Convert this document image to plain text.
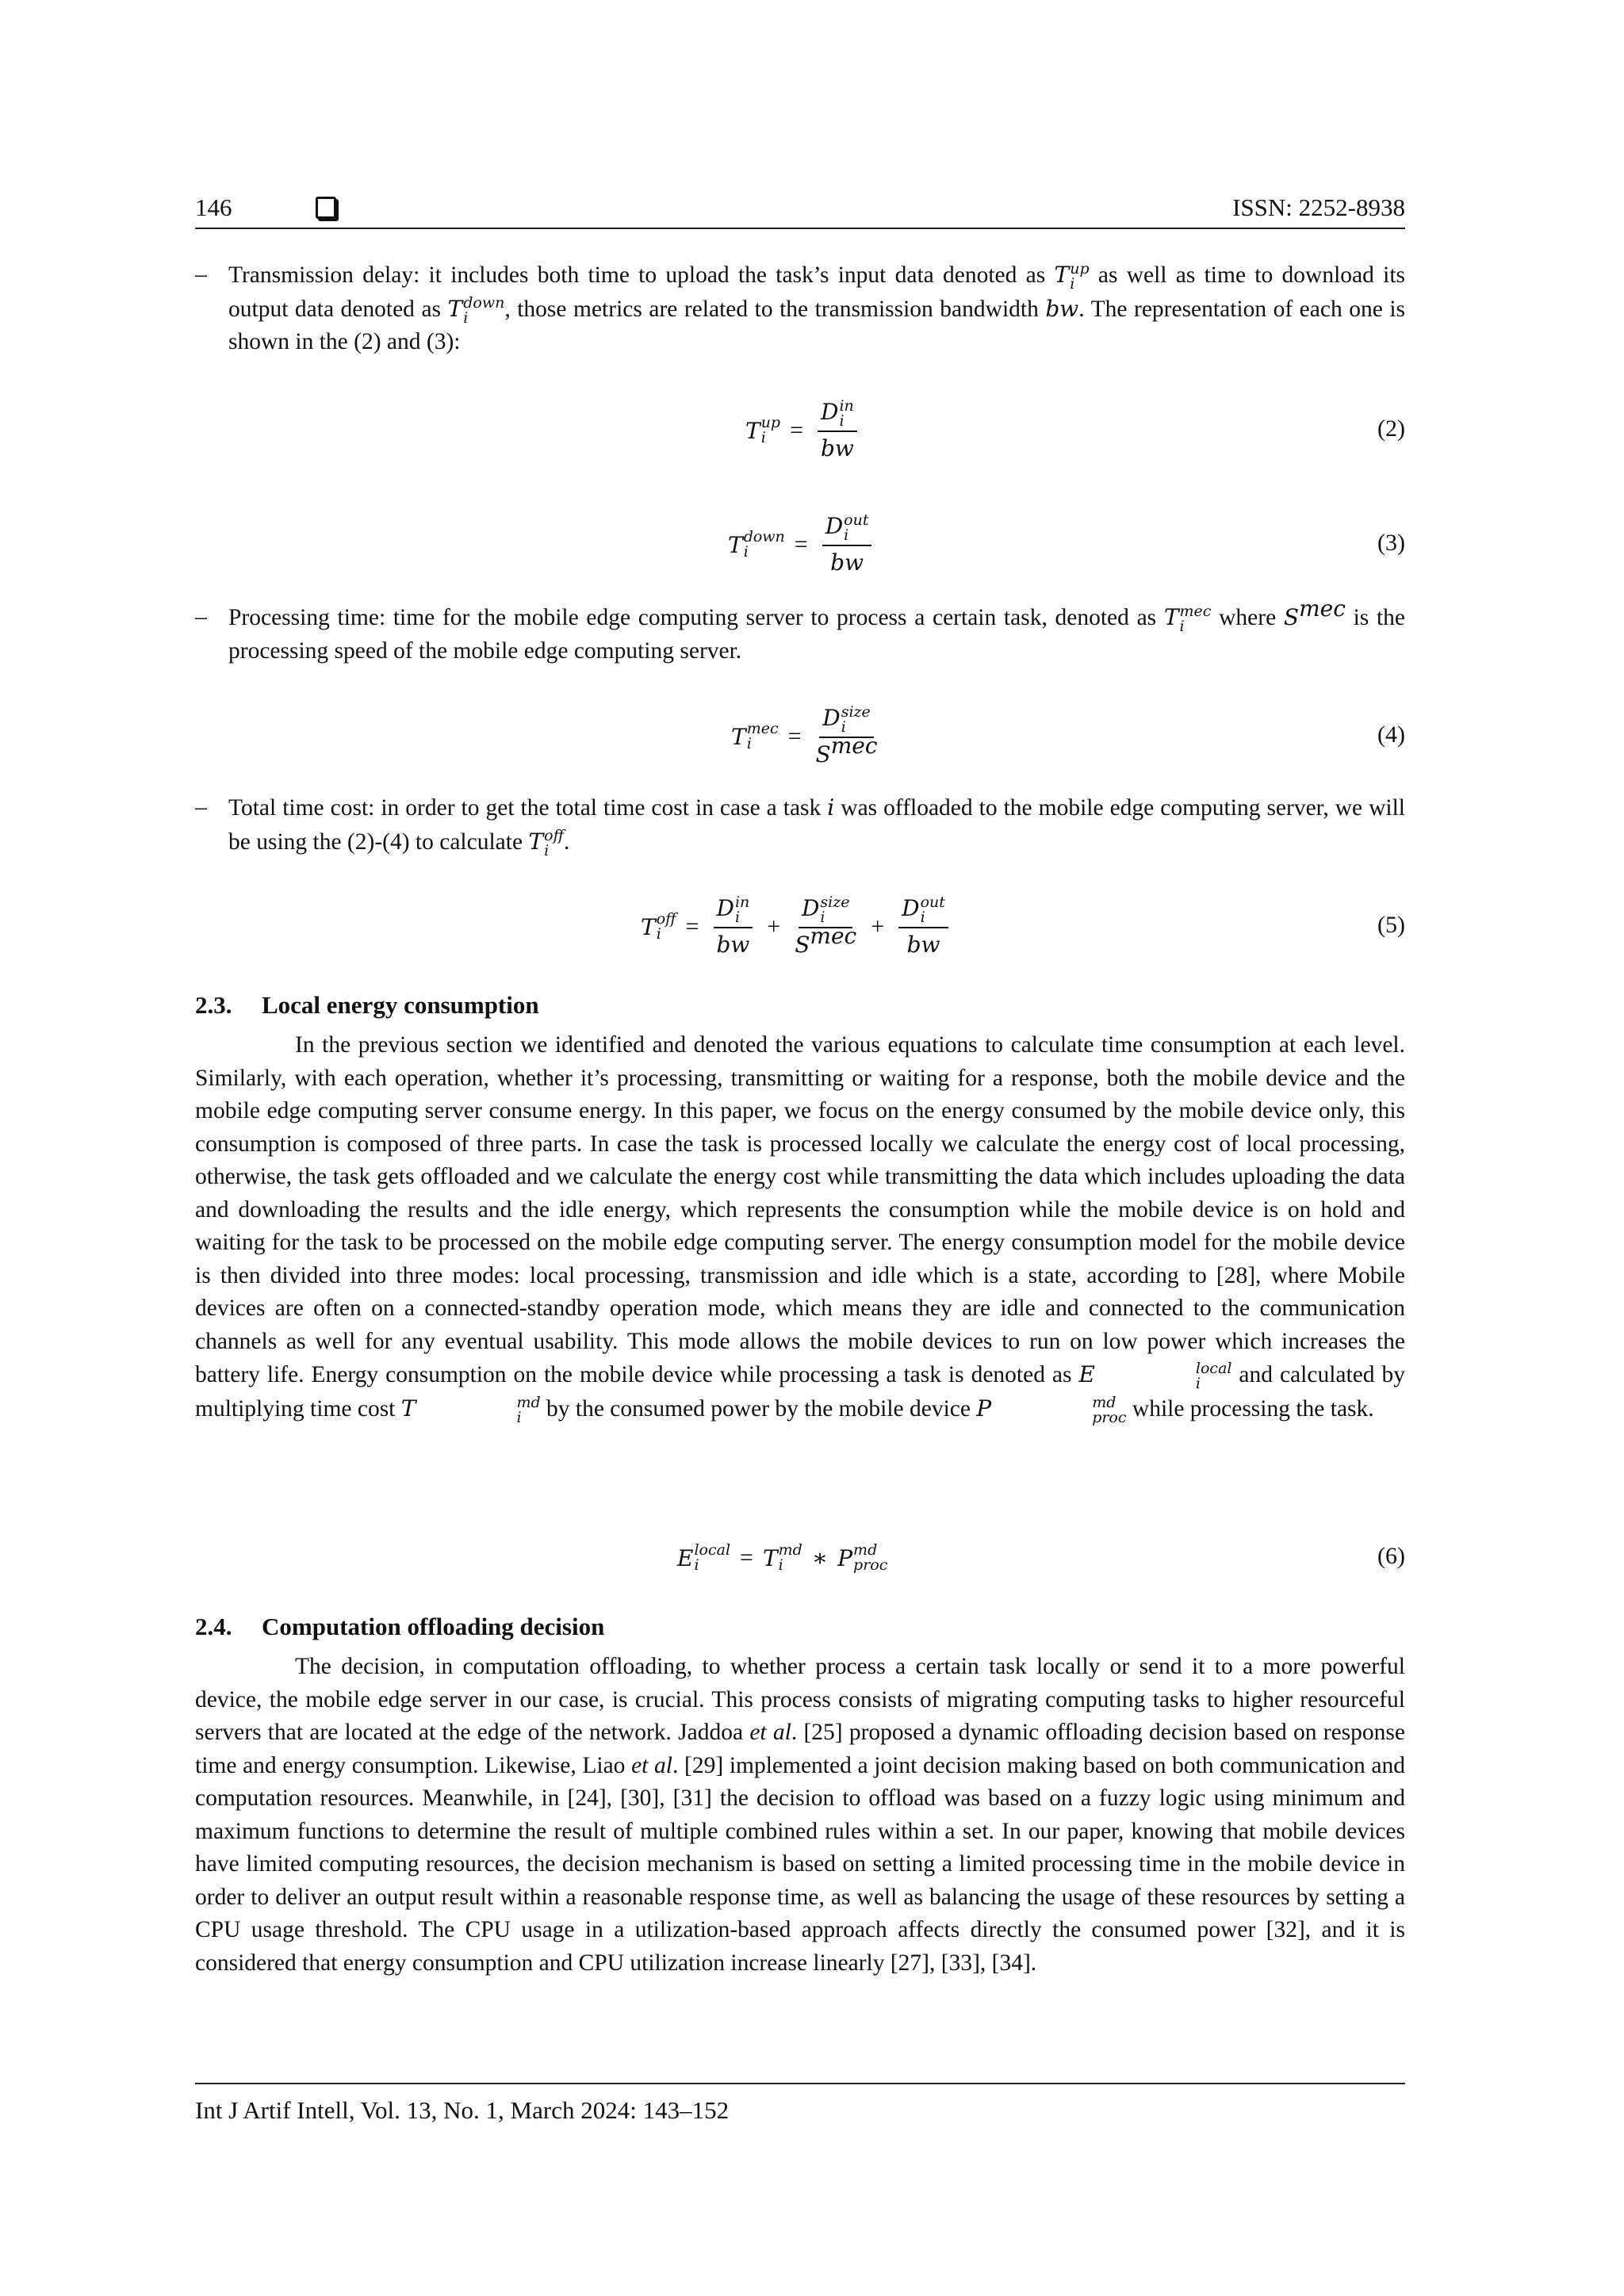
146	ISSN: 2252-8938
– Transmission delay: it includes both time to upload the task’s input data denoted as T up
i as well as time to download its output data denoted as T down
i	, those metrics are related to the transmission bandwidth bw. The representation of each one is shown in the (2) and (3):
T up
i	= D in
i
bw	(2)
T down
i	= D out
i
bw	(3)
– Processing time: time for the mobile edge computing server to process a certain task, denoted as T mec
i	where $S^{mec}$ is the processing speed of the mobile edge computing server.
T mec
i	= D size
i
$S^{mec}$	(4)
– Total time cost: in order to get the total time cost in case a task i was offloaded to the mobile edge computing server, we will be using the (2)-(4) to calculate T off
i .
T off
i	= D in
i
bw + D size
i
$S^{mec} + D$ out
i
bw	(5)
2.3. Local energy consumption
In the previous section we identified and denoted the various equations to calculate time consumption at each level. Similarly, with each operation, whether it’s processing, transmitting or waiting for a response, both the mobile device and the mobile edge computing server consume energy. In this paper, we focus on the energy consumed by the mobile device only, this consumption is composed of three parts. In case the task is processed locally we calculate the energy cost of local processing, otherwise, the task gets offloaded and we calculate the energy cost while transmitting the data which includes uploading the data and downloading the results and the idle energy, which represents the consumption while the mobile device is on hold and waiting for the task to be processed on the mobile edge computing server. The energy consumption model for the mobile device is then divided into three modes: local processing, transmission and idle which is a state, according to [28], where Mobile devices are often on a connected-standby operation mode, which means they are idle and connected to the communication channels as well for any eventual usability. This mode allows the mobile devices to run on low power which increases the battery life. Energy consumption on the mobile device while processing a task is denoted as E	local
i	and calculated by multiplying time cost T	md
i by the consumed power by the mobile device P	md
proc while processing the task.
E local
i	= T md
i	∗ P md
proc	(6)
2.4. Computation offloading decision
The decision, in computation offloading, to whether process a certain task locally or send it to a more powerful device, the mobile edge server in our case, is crucial. This process consists of migrating computing tasks to higher resourceful servers that are located at the edge of the network. Jaddoa et al. [25] proposed a dynamic offloading decision based on response time and energy consumption. Likewise, Liao et al. [29] implemented a joint decision making based on both communication and computation resources. Meanwhile, in [24], [30], [31] the decision to offload was based on a fuzzy logic using minimum and maximum functions to determine the result of multiple combined rules within a set. In our paper, knowing that mobile devices have limited computing resources, the decision mechanism is based on setting a limited processing time in the mobile device in order to deliver an output result within a reasonable response time, as well as balancing the usage of these resources by setting a CPU usage threshold. The CPU usage in a utilization-based approach affects directly the consumed power [32], and it is considered that energy consumption and CPU utilization increase linearly [27], [33], [34].
Int J Artif Intell, Vol. 13, No. 1, March 2024: 143–152
